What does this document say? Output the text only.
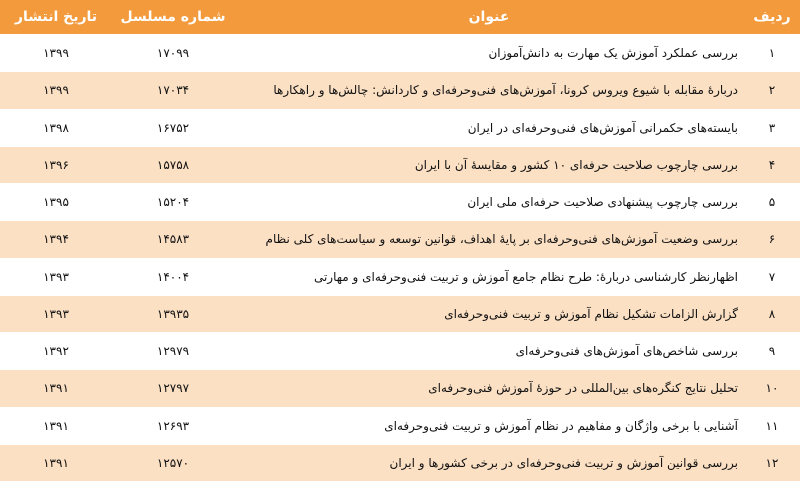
ردیف	عنوان	شماره مسلسل	تاریخ انتشار
۱	بررسی عملکرد آموزش یک مهارت به دانش‌آموزان	۱۷۰۹۹	۱۳۹۹
۲	دربارهٔ مقابله با شیوع ویروس کرونا، آموزش‌های فنی‌وحرفه‌ای و کاردانش: چالش‌ها و راهکارها	۱۷۰۳۴	۱۳۹۹
۳	بایسته‌های حکمرانی آموزش‌های فنی‌وحرفه‌ای در ایران	۱۶۷۵۲	۱۳۹۸
۴	بررسی چارچوب صلاحیت حرفه‌ای ۱۰ کشور و مقایسهٔ آن با ایران	۱۵۷۵۸	۱۳۹۶
۵	بررسی چارچوب پیشنهادی صلاحیت حرفه‌ای ملی ایران	۱۵۲۰۴	۱۳۹۵
۶	بررسی وضعیت آموزش‌های فنی‌وحرفه‌ای بر پایهٔ اهداف، قوانین توسعه و سیاست‌های کلی نظام	۱۴۵۸۳	۱۳۹۴
۷	اظهارنظر کارشناسی دربارهٔ: طرح نظام جامع آموزش و تربیت فنی‌وحرفه‌ای و مهارتی	۱۴۰۰۴	۱۳۹۳
۸	گزارش الزامات تشکیل نظام آموزش و تربیت فنی‌وحرفه‌ای	۱۳۹۳۵	۱۳۹۳
۹	بررسی شاخص‌های آموزش‌های فنی‌وحرفه‌ای	۱۲۹۷۹	۱۳۹۲
۱۰	تحلیل نتایج کنگره‌های بین‌المللی در حوزهٔ آموزش فنی‌وحرفه‌ای	۱۲۷۹۷	۱۳۹۱
۱۱	آشنایی با برخی واژگان و مفاهیم در نظام آموزش و تربیت فنی‌وحرفه‌ای	۱۲۶۹۳	۱۳۹۱
۱۲	بررسی قوانین آموزش و تربیت فنی‌وحرفه‌ای در برخی کشورها و ایران	۱۲۵۷۰	۱۳۹۱
